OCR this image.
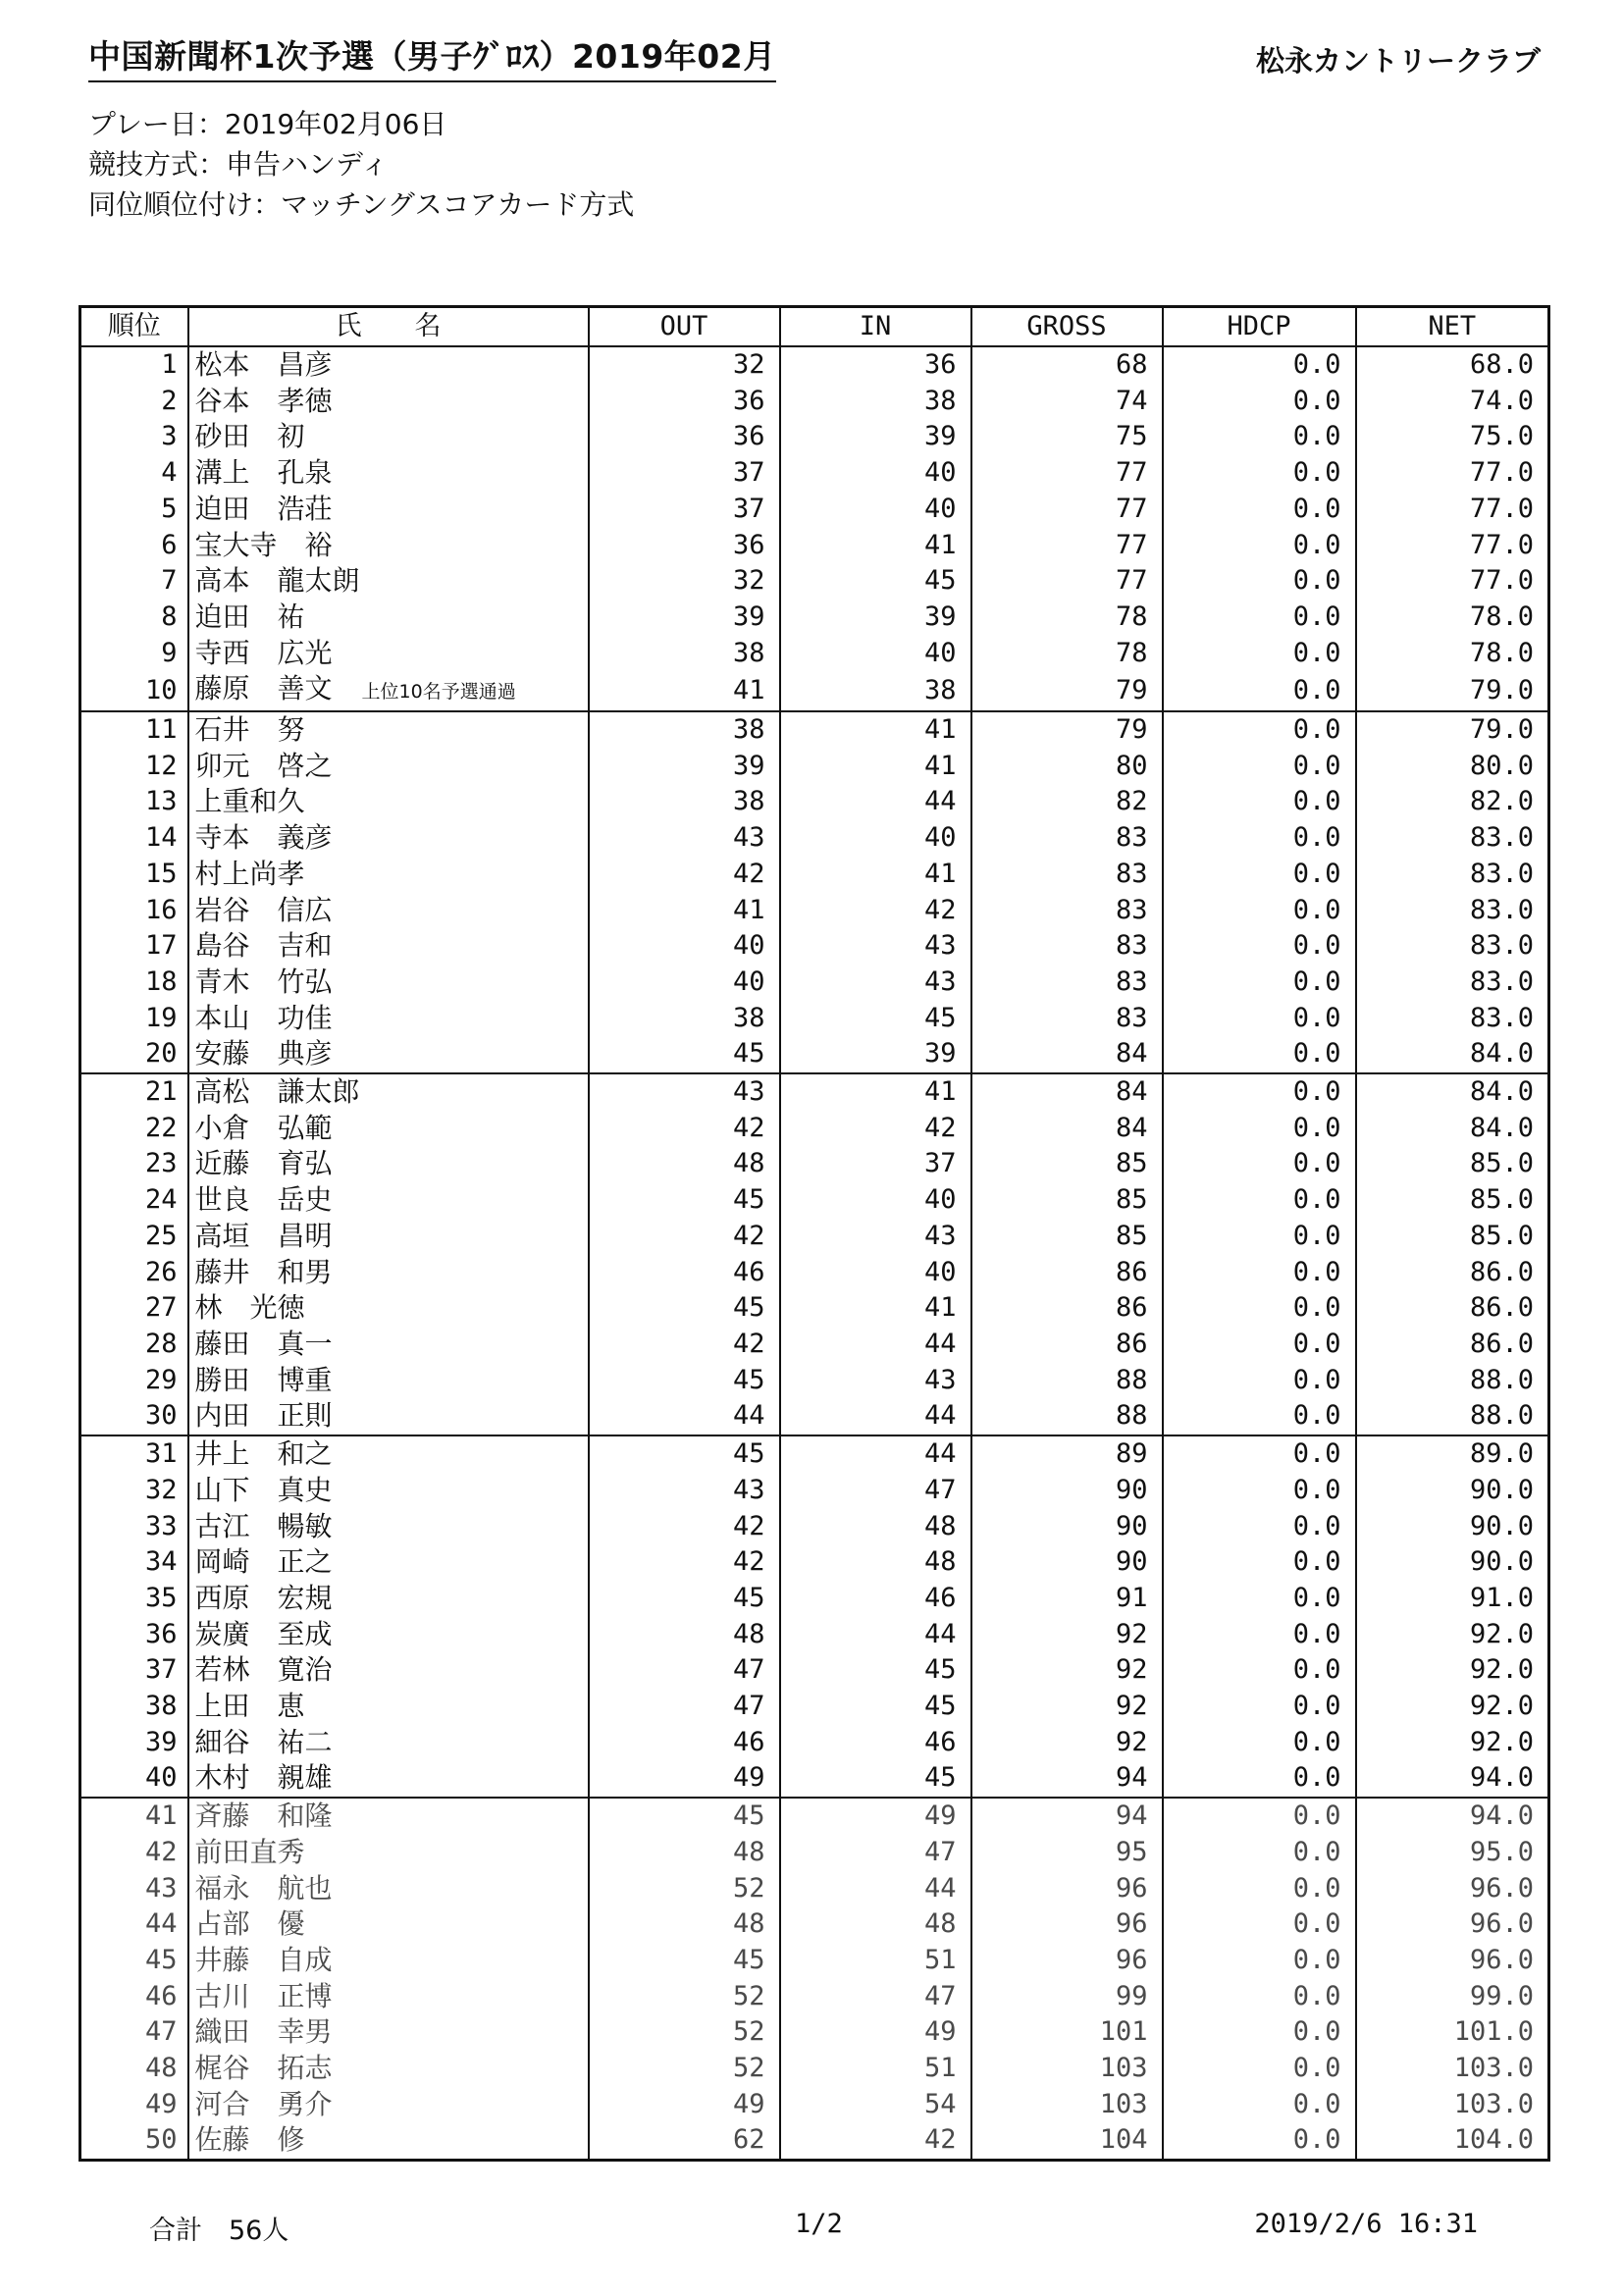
中国新聞杯1次予選（男子ｸﾞﾛｽ）2019年02月	松永カントリークラブ
プレー日：2019年02月06日
競技方式：申告ハンディ
同位順位付け：マッチングスコアカード方式
順位	氏　　名	OUT	IN	GROSS	HDCP	NET
1	松本　昌彦	32	36	68	0.0	68.0
2	谷本　孝徳	36	38	74	0.0	74.0
3	砂田　初	36	39	75	0.0	75.0
4	溝上　孔泉	37	40	77	0.0	77.0
5	迫田　浩荘	37	40	77	0.0	77.0
6	宝大寺　裕	36	41	77	0.0	77.0
7	高本　龍太朗	32	45	77	0.0	77.0
8	迫田　祐	39	39	78	0.0	78.0
9	寺西　広光	38	40	78	0.0	78.0
10	藤原　善文 上位10名予選通過	41	38	79	0.0	79.0
11	石井　努	38	41	79	0.0	79.0
12	卯元　啓之	39	41	80	0.0	80.0
13	上重和久	38	44	82	0.0	82.0
14	寺本　義彦	43	40	83	0.0	83.0
15	村上尚孝	42	41	83	0.0	83.0
16	岩谷　信広	41	42	83	0.0	83.0
17	島谷　吉和	40	43	83	0.0	83.0
18	青木　竹弘	40	43	83	0.0	83.0
19	本山　功佳	38	45	83	0.0	83.0
20	安藤　典彦	45	39	84	0.0	84.0
21	高松　謙太郎	43	41	84	0.0	84.0
22	小倉　弘範	42	42	84	0.0	84.0
23	近藤　育弘	48	37	85	0.0	85.0
24	世良　岳史	45	40	85	0.0	85.0
25	高垣　昌明	42	43	85	0.0	85.0
26	藤井　和男	46	40	86	0.0	86.0
27	林　光徳	45	41	86	0.0	86.0
28	藤田　真一	42	44	86	0.0	86.0
29	勝田　博重	45	43	88	0.0	88.0
30	内田　正則	44	44	88	0.0	88.0
31	井上　和之	45	44	89	0.0	89.0
32	山下　真史	43	47	90	0.0	90.0
33	古江　暢敏	42	48	90	0.0	90.0
34	岡崎　正之	42	48	90	0.0	90.0
35	西原　宏規	45	46	91	0.0	91.0
36	炭廣　至成	48	44	92	0.0	92.0
37	若林　寛治	47	45	92	0.0	92.0
38	上田　恵	47	45	92	0.0	92.0
39	細谷　祐二	46	46	92	0.0	92.0
40	木村　親雄	49	45	94	0.0	94.0
41	斉藤　和隆	45	49	94	0.0	94.0
42	前田直秀	48	47	95	0.0	95.0
43	福永　航也	52	44	96	0.0	96.0
44	占部　優	48	48	96	0.0	96.0
45	井藤　自成	45	51	96	0.0	96.0
46	古川　正博	52	47	99	0.0	99.0
47	織田　幸男	52	49	101	0.0	101.0
48	梶谷　拓志	52	51	103	0.0	103.0
49	河合　勇介	49	54	103	0.0	103.0
50	佐藤　修	62	42	104	0.0	104.0
合計　56人	1/2	2019/2/6 16:31
